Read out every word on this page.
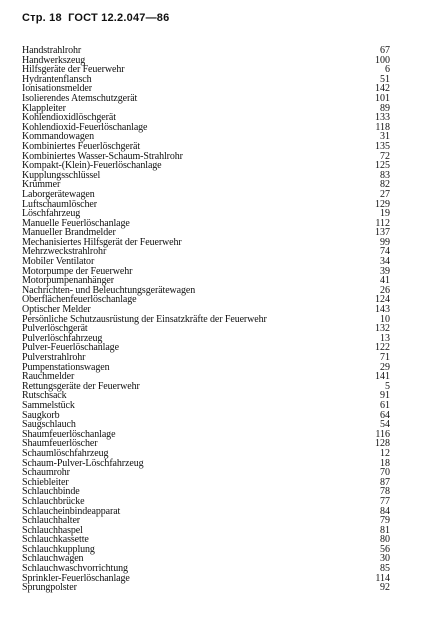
Стр. 18 ГОСТ 12.2.047—86
Handstrahlrohr	67
Handwerkszeug	100
Hilfsgeräte der Feuerwehr	6
Hydrantenflansch	51
Ionisationsmelder	142
Isolierendes Atemschutzgerät	101
Klappleiter	89
Kohlendioxidlöschgerät	133
Kohlendioxid-Feuerlöschanlage	118
Kommandowagen	31
Kombiniertes Feuerlöschgerät	135
Kombiniertes Wasser-Schaum-Strahlrohr	72
Kompakt-(Klein)-Feuerlöschanlage	125
Kupplungsschlüssel	83
Krümmer	82
Laborgerätewagen	27
Luftschaumlöscher	129
Löschfahrzeug	19
Manuelle Feuerlöschanlage	112
Manueller Brandmelder	137
Mechanisiertes Hilfsgerät der Feuerwehr	99
Mehrzweckstrahlrohr	74
Mobiler Ventilator	34
Motorpumpe der Feuerwehr	39
Motorpumpenanhänger	41
Nachrichten- und Beleuchtungsgerätewagen	26
Oberflächenfeuerlöschanlage	124
Optischer Melder	143
Persönliche Schutzausrüstung der Einsatzkräfte der Feuerwehr	10
Pulverlöschgerät	132
Pulverlöschfahrzeug	13
Pulver-Feuerlöschanlage	122
Pulverstrahlrohr	71
Pumpenstationswagen	29
Rauchmelder	141
Rettungsgeräte der Feuerwehr	5
Rutschsack	91
Sammelstück	61
Saugkorb	64
Saugschlauch	54
Shaumfeuerlöschanlage	116
Shaumfeuerlöscher	128
Schaumlöschfahrzeug	12
Schaum-Pulver-Löschfahrzeug	18
Schaumrohr	70
Schiebleiter	87
Schlauchbinde	78
Schlauchbrücke	77
Schlaucheinbindeapparat	84
Schlauchhalter	79
Schlauchhaspel	81
Schlauchkassette	80
Schlauchkupplung	56
Schlauchwagen	30
Schlauchwaschvorrichtung	85
Sprinkler-Feuerlöschanlage	114
Sprungpolster	92
